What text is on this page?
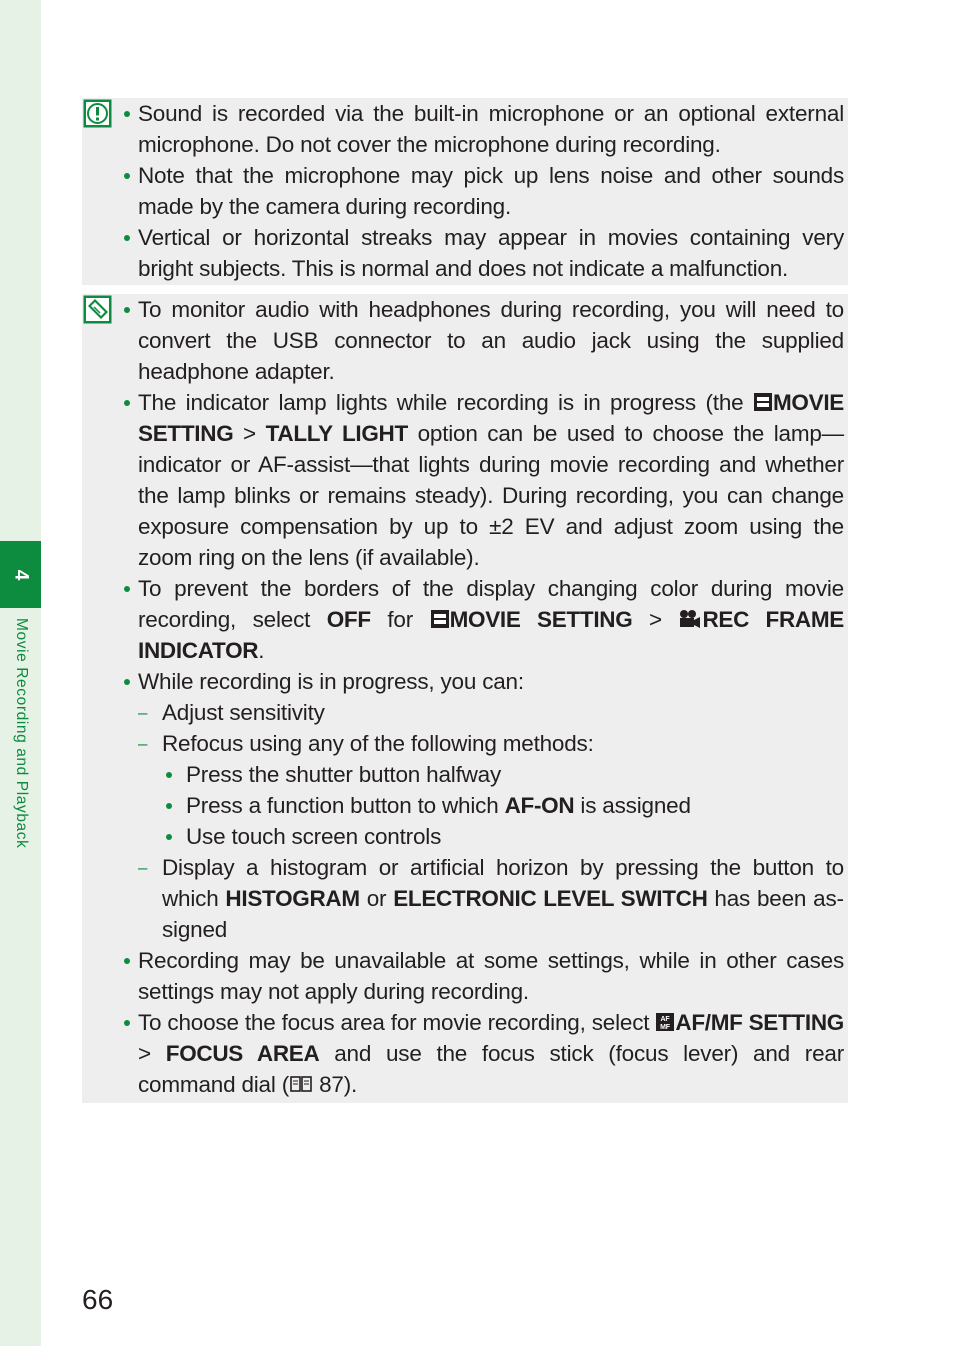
4
Movie Recording and Playback
Sound is recorded via the built-in microphone or an optional external microphone. Do not cover the microphone during recording.
Note that the microphone may pick up lens noise and other sounds made by the camera during recording.
Vertical or horizontal streaks may appear in movies containing very bright subjects. This is normal and does not indicate a malfunction.
To monitor audio with headphones during recording, you will need to convert the USB connector to an audio jack using the supplied headphone adapter.
The indicator lamp lights while recording is in progress (the MOVIE SETTING > TALLY LIGHT option can be used to choose the lamp—indicator or AF-assist—that lights during movie recording and whether the lamp blinks or remains steady). During recording, you can change exposure compensation by up to ±2 EV and adjust zoom using the zoom ring on the lens (if available).
To prevent the borders of the display changing color during movie recording, select OFF for MOVIE SETTING > REC FRAME INDICATOR.
While recording is in progress, you can:
– Adjust sensitivity
– Refocus using any of the following methods:
Press the shutter button halfway
Press a function button to which AF-ON is assigned
Use touch screen controls
– Display a histogram or artificial horizon by pressing the button to which HISTOGRAM or ELECTRONIC LEVEL SWITCH has been assigned
Recording may be unavailable at some settings, while in other cases settings may not apply during recording.
To choose the focus area for movie recording, select AF
MF AF/MF SETTING > FOCUS AREA and use the focus stick (focus lever) and rear command dial ( 87).
66
